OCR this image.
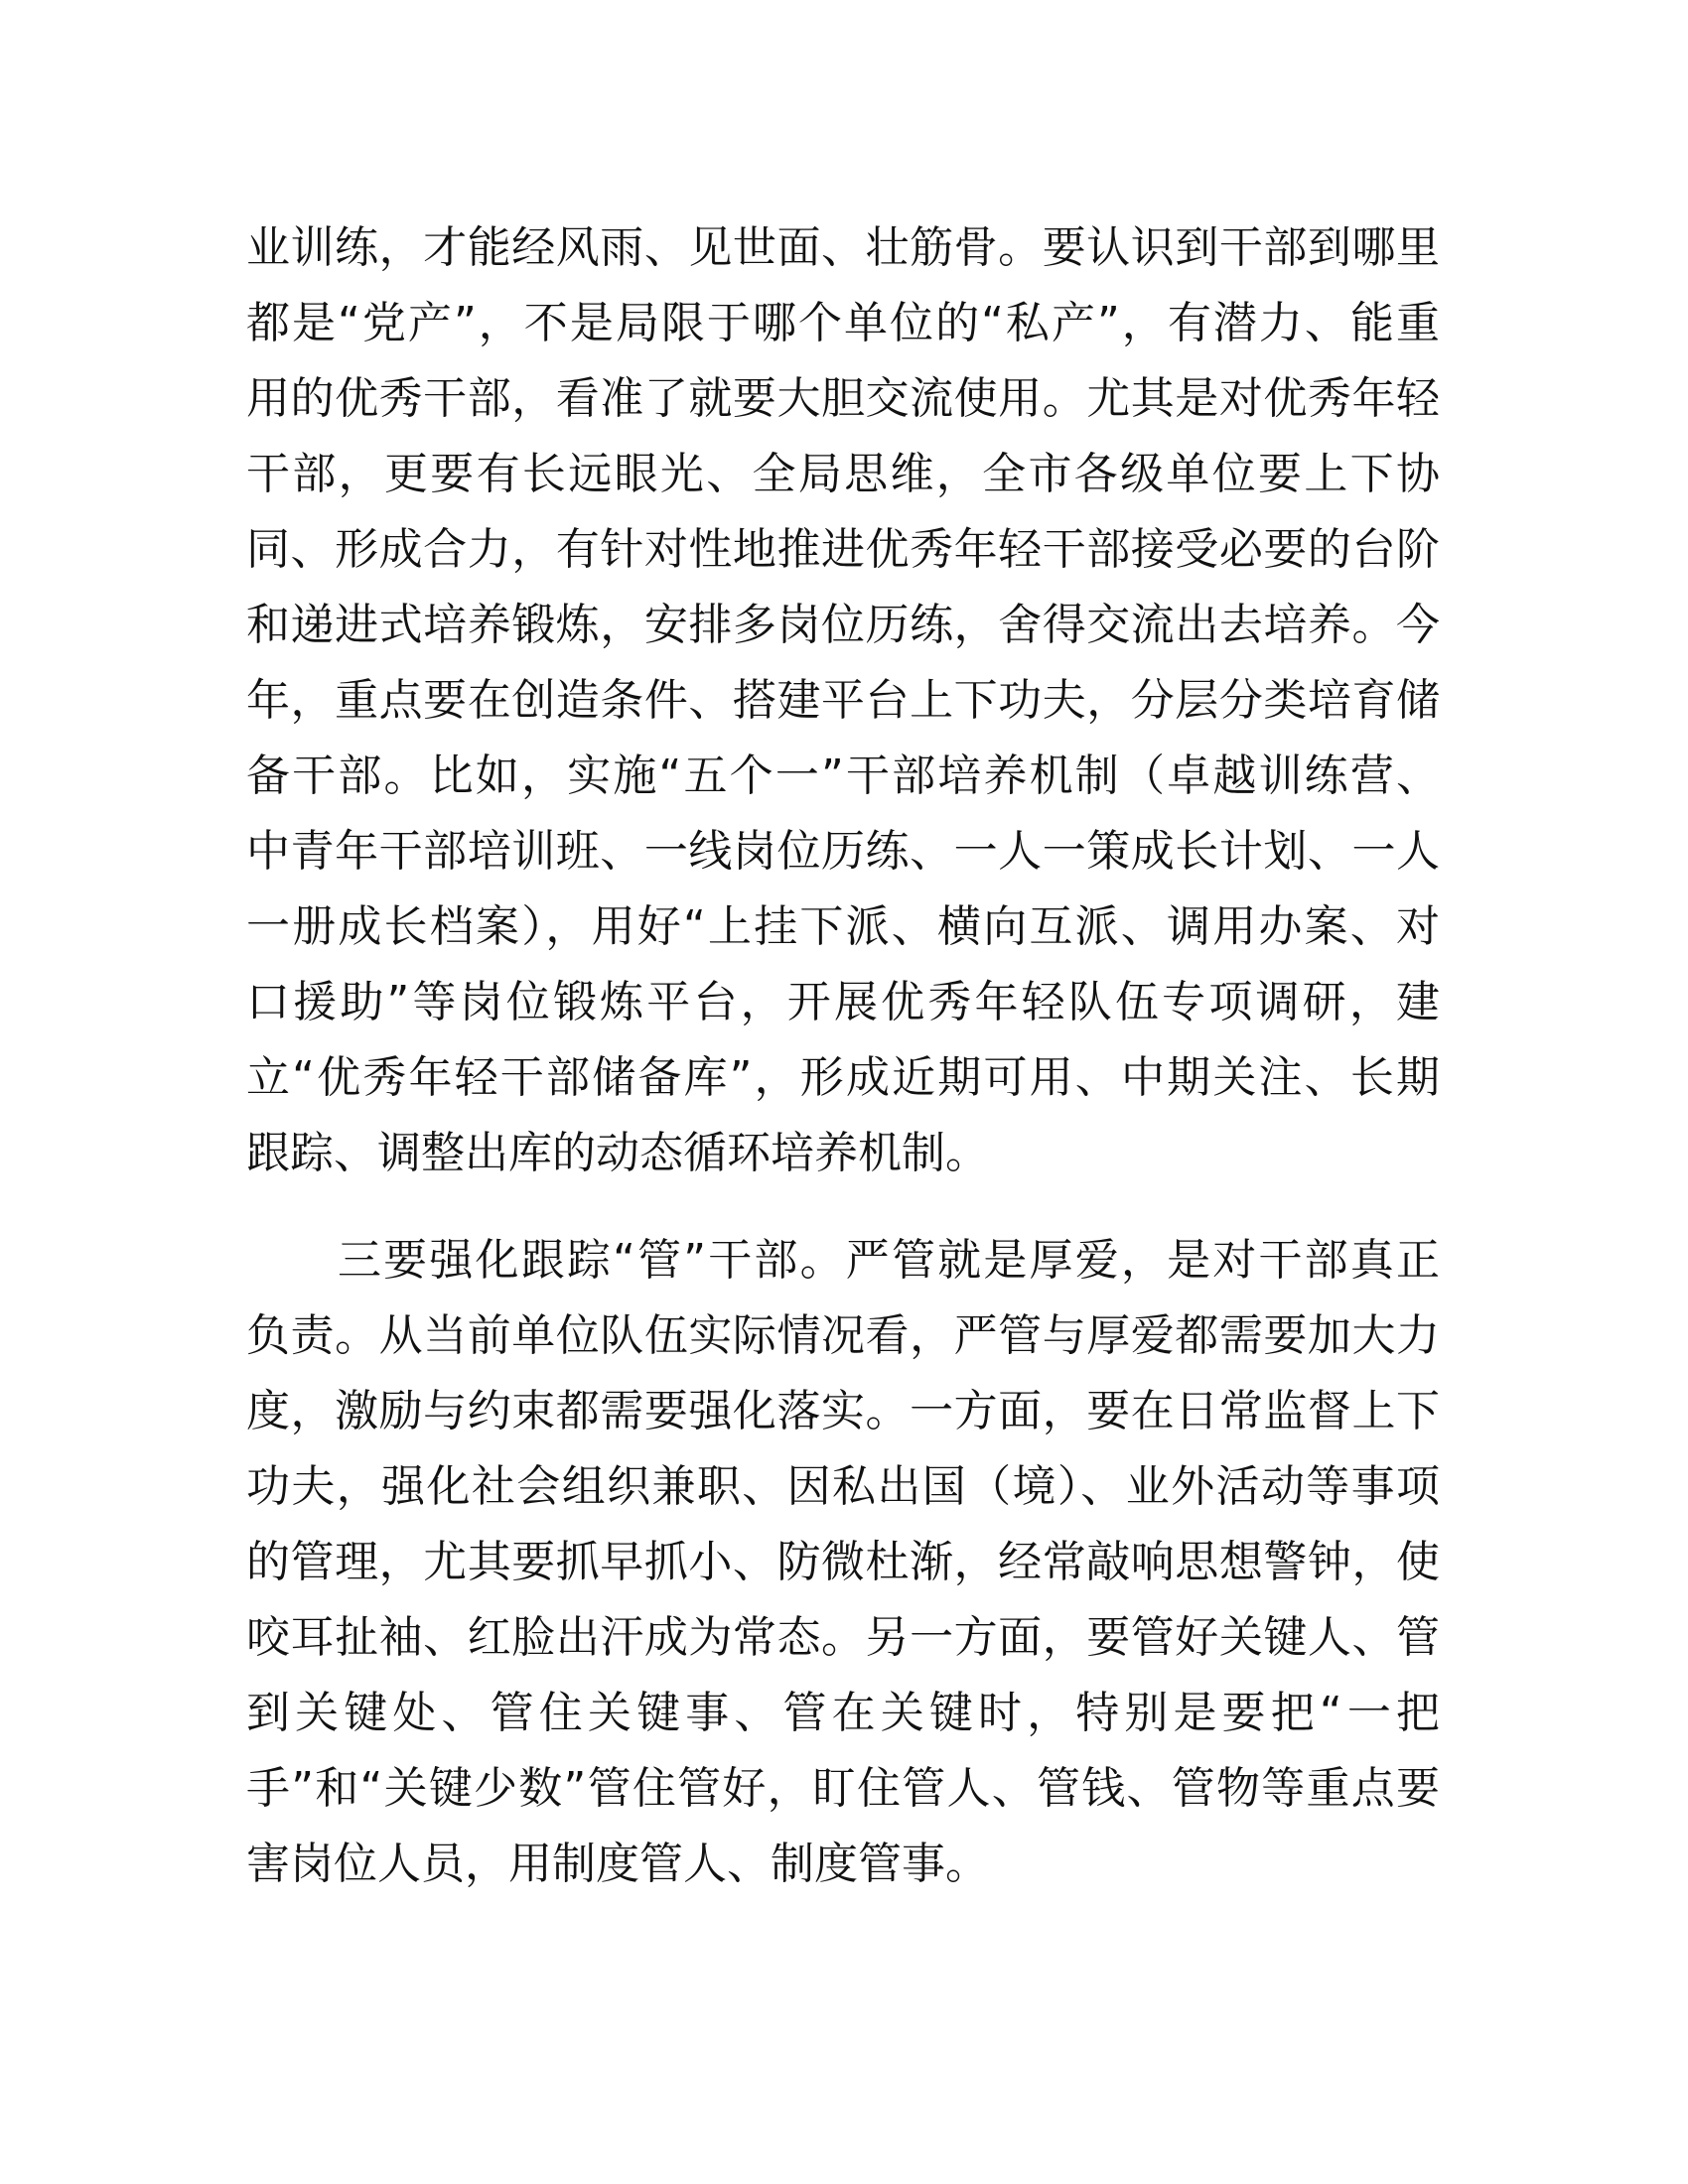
业训练，才能经风雨、见世面、壮筋骨。要认识到干部到哪里
都是“党产”，不是局限于哪个单位的“私产”，有潜力、能重
用的优秀干部，看准了就要大胆交流使用。尤其是对优秀年轻
干部，更要有长远眼光、全局思维，全市各级单位要上下协
同、形成合力，有针对性地推进优秀年轻干部接受必要的台阶
和递进式培养锻炼，安排多岗位历练，舍得交流出去培养。今
年，重点要在创造条件、搭建平台上下功夫，分层分类培育储
备干部。比如，实施“五个一”干部培养机制（卓越训练营、
中青年干部培训班、一线岗位历练、一人一策成长计划、一人
一册成长档案），用好“上挂下派、横向互派、调用办案、对
口援助”等岗位锻炼平台，开展优秀年轻队伍专项调研，建
立“优秀年轻干部储备库”，形成近期可用、中期关注、长期
跟踪、调整出库的动态循环培养机制。
三要强化跟踪“管”干部。严管就是厚爱，是对干部真正
负责。从当前单位队伍实际情况看，严管与厚爱都需要加大力
度，激励与约束都需要强化落实。一方面，要在日常监督上下
功夫，强化社会组织兼职、因私出国（境）、业外活动等事项
的管理，尤其要抓早抓小、防微杜渐，经常敲响思想警钟，使
咬耳扯袖、红脸出汗成为常态。另一方面，要管好关键人、管
到关键处、管住关键事、管在关键时，特别是要把“一把
手”和“关键少数”管住管好，盯住管人、管钱、管物等重点要
害岗位人员，用制度管人、制度管事。
